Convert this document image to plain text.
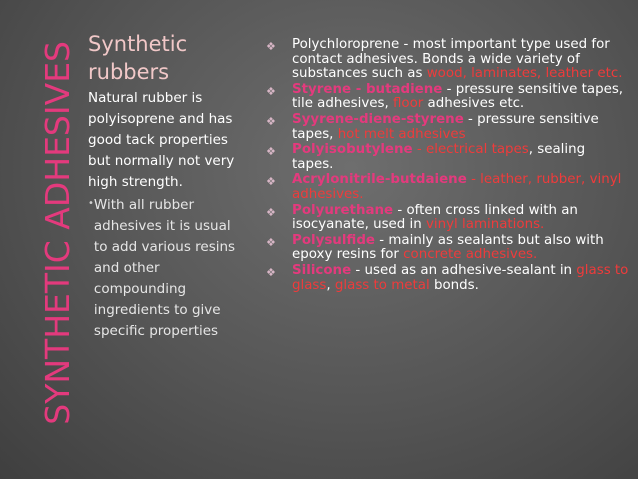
SYNTHETIC ADHESIVES Synthetic rubbers

Natural rubber is polyisoprene and has good tack properties but normally not very high strength.

• With all rubber adhesives it is usual to add various resins and other compounding ingredients to give specific properties
❖	Polychloroprene - most important type used for contact adhesives. Bonds a wide variety of substances such as wood, laminates, leather etc.
❖	Styrene - butadiene - pressure sensitive tapes, tile adhesives, floor adhesives etc.
❖	Syyrene-diene-styrene - pressure sensitive tapes, hot melt adhesives
❖	Polyisobutylene - electrical tapes, sealing tapes.
❖	Acrylonitrile-butdaiene - leather, rubber, vinyl adhesives.
❖	Polyurethane - often cross linked with an isocyanate, used in vinyl laminations.
❖	Polysulfide - mainly as sealants but also with epoxy resins for concrete adhesives.
❖	Silicone - used as an adhesive-sealant in glass to glass, glass to metal bonds.
